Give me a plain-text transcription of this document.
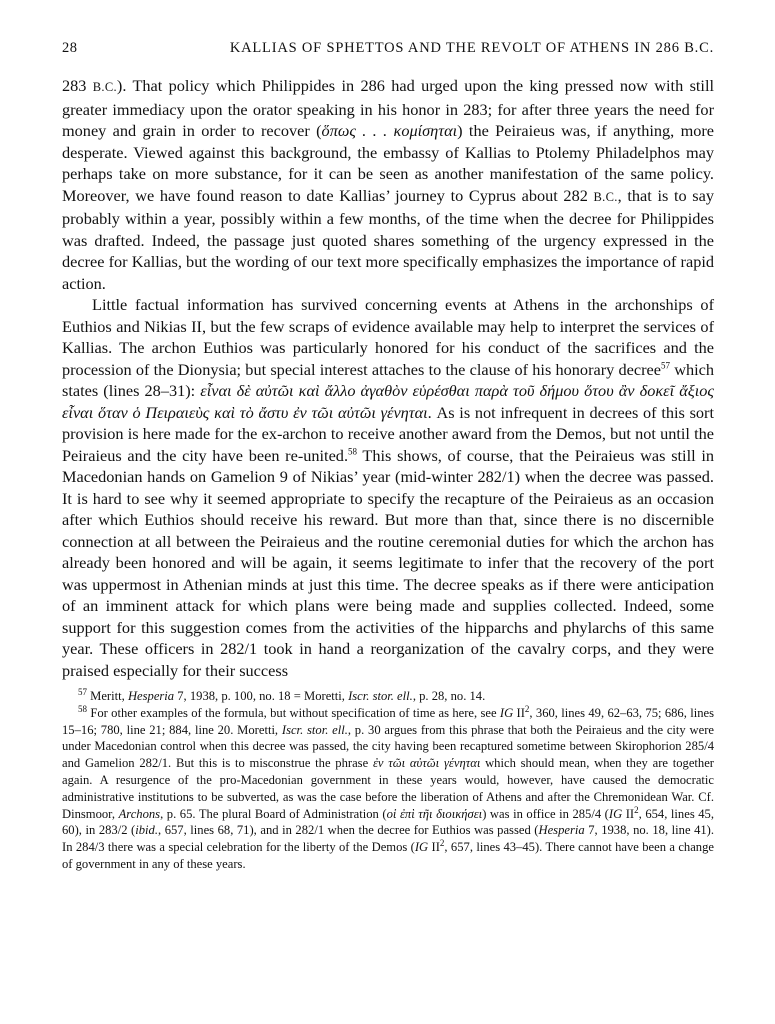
28	KALLIAS OF SPHETTOS AND THE REVOLT OF ATHENS IN 286 B.C.

283 B.C.). That policy which Philippides in 286 had urged upon the king pressed now with still greater immediacy upon the orator speaking in his honor in 283; for after three years the need for money and grain in order to recover (ὅπως . . . κομίσηται) the Peiraieus was, if anything, more desperate. Viewed against this background, the embassy of Kallias to Ptolemy Philadelphos may perhaps take on more substance, for it can be seen as another manifestation of the same policy. Moreover, we have found reason to date Kallias’ journey to Cyprus about 282 B.C., that is to say probably within a year, possibly within a few months, of the time when the decree for Philippides was drafted. Indeed, the passage just quoted shares something of the urgency expressed in the decree for Kallias, but the wording of our text more specifically emphasizes the importance of rapid action.

Little factual information has survived concerning events at Athens in the archonships of Euthios and Nikias II, but the few scraps of evidence available may help to interpret the services of Kallias. The archon Euthios was particularly honored for his conduct of the sacrifices and the procession of the Dionysia; but special interest attaches to the clause of his honorary decree$^{57}$ which states (lines 28–31): εἶναι δὲ αὐτῶι καὶ ἄλλο ἀγαθὸν εὑρέσθαι παρὰ τοῦ δήμου ὅτου ἂν δοκεῖ ἄξιος εἶναι ὅταν ὁ Πειραιεὺς καὶ τὸ ἄστυ ἐν τῶι αὐτῶι γένηται. As is not infrequent in decrees of this sort provision is here made for the ex-archon to receive another award from the Demos, but not until the Peiraieus and the city have been re-united.$^{58}$ This shows, of course, that the Peiraieus was still in Macedonian hands on Gamelion 9 of Nikias’ year (mid-winter 282/1) when the decree was passed. It is hard to see why it seemed appropriate to specify the recapture of the Peiraieus as an occasion after which Euthios should receive his reward. But more than that, since there is no discernible connection at all between the Peiraieus and the routine ceremonial duties for which the archon has already been honored and will be again, it seems legitimate to infer that the recovery of the port was uppermost in Athenian minds at just this time. The decree speaks as if there were anticipation of an imminent attack for which plans were being made and supplies collected. Indeed, some support for this suggestion comes from the activities of the hipparchs and phylarchs of this same year. These officers in 282/1 took in hand a reorganization of the cavalry corps, and they were praised especially for their success

$^{57}$ Meritt, Hesperia 7, 1938, p. 100, no. 18 = Moretti, Iscr. stor. ell., p. 28, no. 14.

$^{58}$ For other examples of the formula, but without specification of time as here, see IG $II^2$, 360, lines 49, 62–63, 75; 686, lines 15–16; 780, line 21; 884, line 20. Moretti, Iscr. stor. ell., p. 30 argues from this phrase that both the Peiraieus and the city were under Macedonian control when this decree was passed, the city having been recaptured sometime between Skirophorion 285/4 and Gamelion 282/1. But this is to misconstrue the phrase ἐν τῶι αὐτῶι γένηται which should mean, when they are together again. A resurgence of the pro-Macedonian government in these years would, however, have caused the democratic administrative institutions to be subverted, as was the case before the liberation of Athens and after the Chremonidean War. Cf. Dinsmoor, Archons, p. 65. The plural Board of Administration (οἱ ἐπὶ τῆι διοικήσει) was in office in 285/4 (IG $II^2$, 654, lines 45, 60), in 283/2 (ibid., 657, lines 68, 71), and in 282/1 when the decree for Euthios was passed (Hesperia 7, 1938, no. 18, line 41). In 284/3 there was a special celebration for the liberty of the Demos (IG $II^2$, 657, lines 43–45). There cannot have been a change of government in any of these years.
